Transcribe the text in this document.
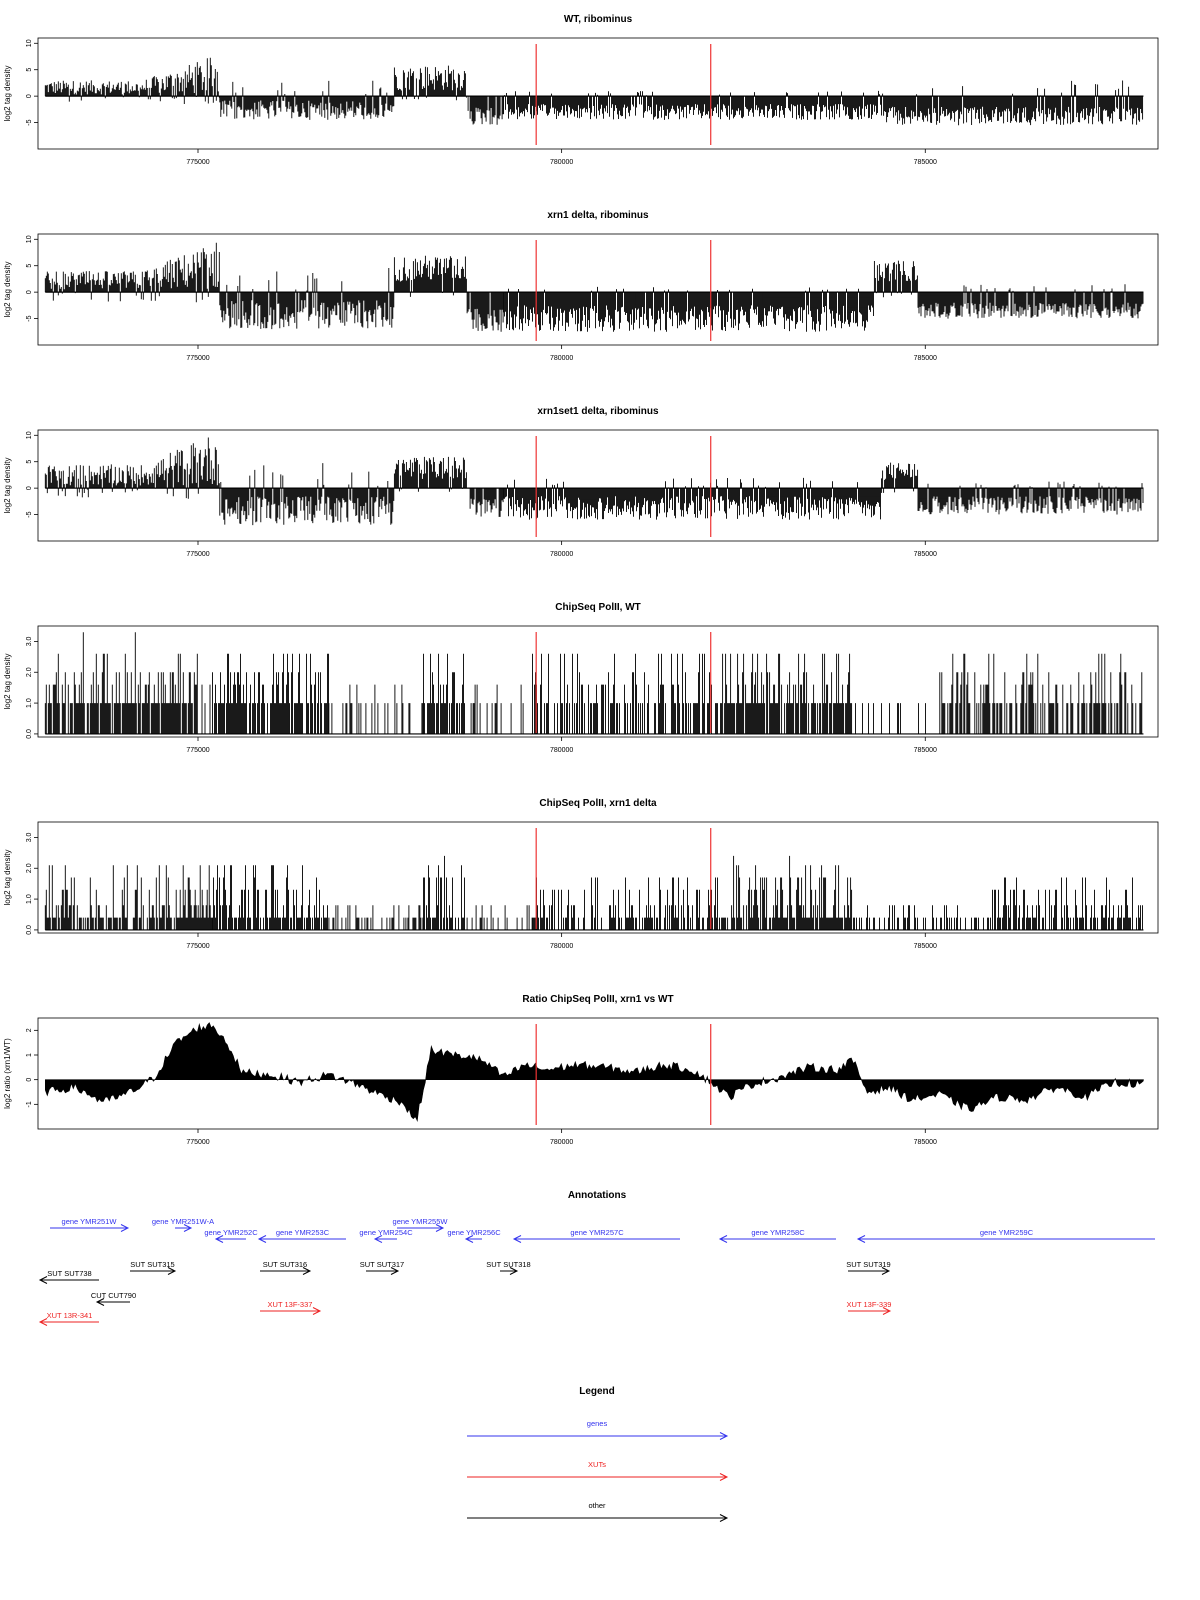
WT, ribominus
-5
0
5
10
log2 tag density
775000	780000	785000
xrn1 delta, ribominus
-5
0
5
10
log2 tag density
775000	780000	785000
xrn1set1 delta, ribominus
-5
0
5
10
log2 tag density
775000	780000	785000
ChipSeq PolII, WT
0.0
1.0
2.0
3.0
log2 tag density
775000	780000	785000
ChipSeq PolII, xrn1 delta
0.0
1.0
2.0
3.0
log2 tag density
775000	780000	785000
Ratio ChipSeq PolII, xrn1 vs WT
-1
0
1
2
log2 ratio (xrn1/WT)
775000	780000	785000
Annotations
gene YMR251W	gene YMR251W-A
gene YMR252C gene YMR253C	gene YMR254C
gene YMR255W
gene YMR256C	gene YMR257C	gene YMR258C	gene YMR259C
SUT SUT738
SUT SUT315	SUT SUT316	SUT SUT317	SUT SUT318	SUT SUT319
CUT CUT790
XUT 13F-337	XUT 13F-339
XUT 13R-341
Legend
genes
XUTs
other
